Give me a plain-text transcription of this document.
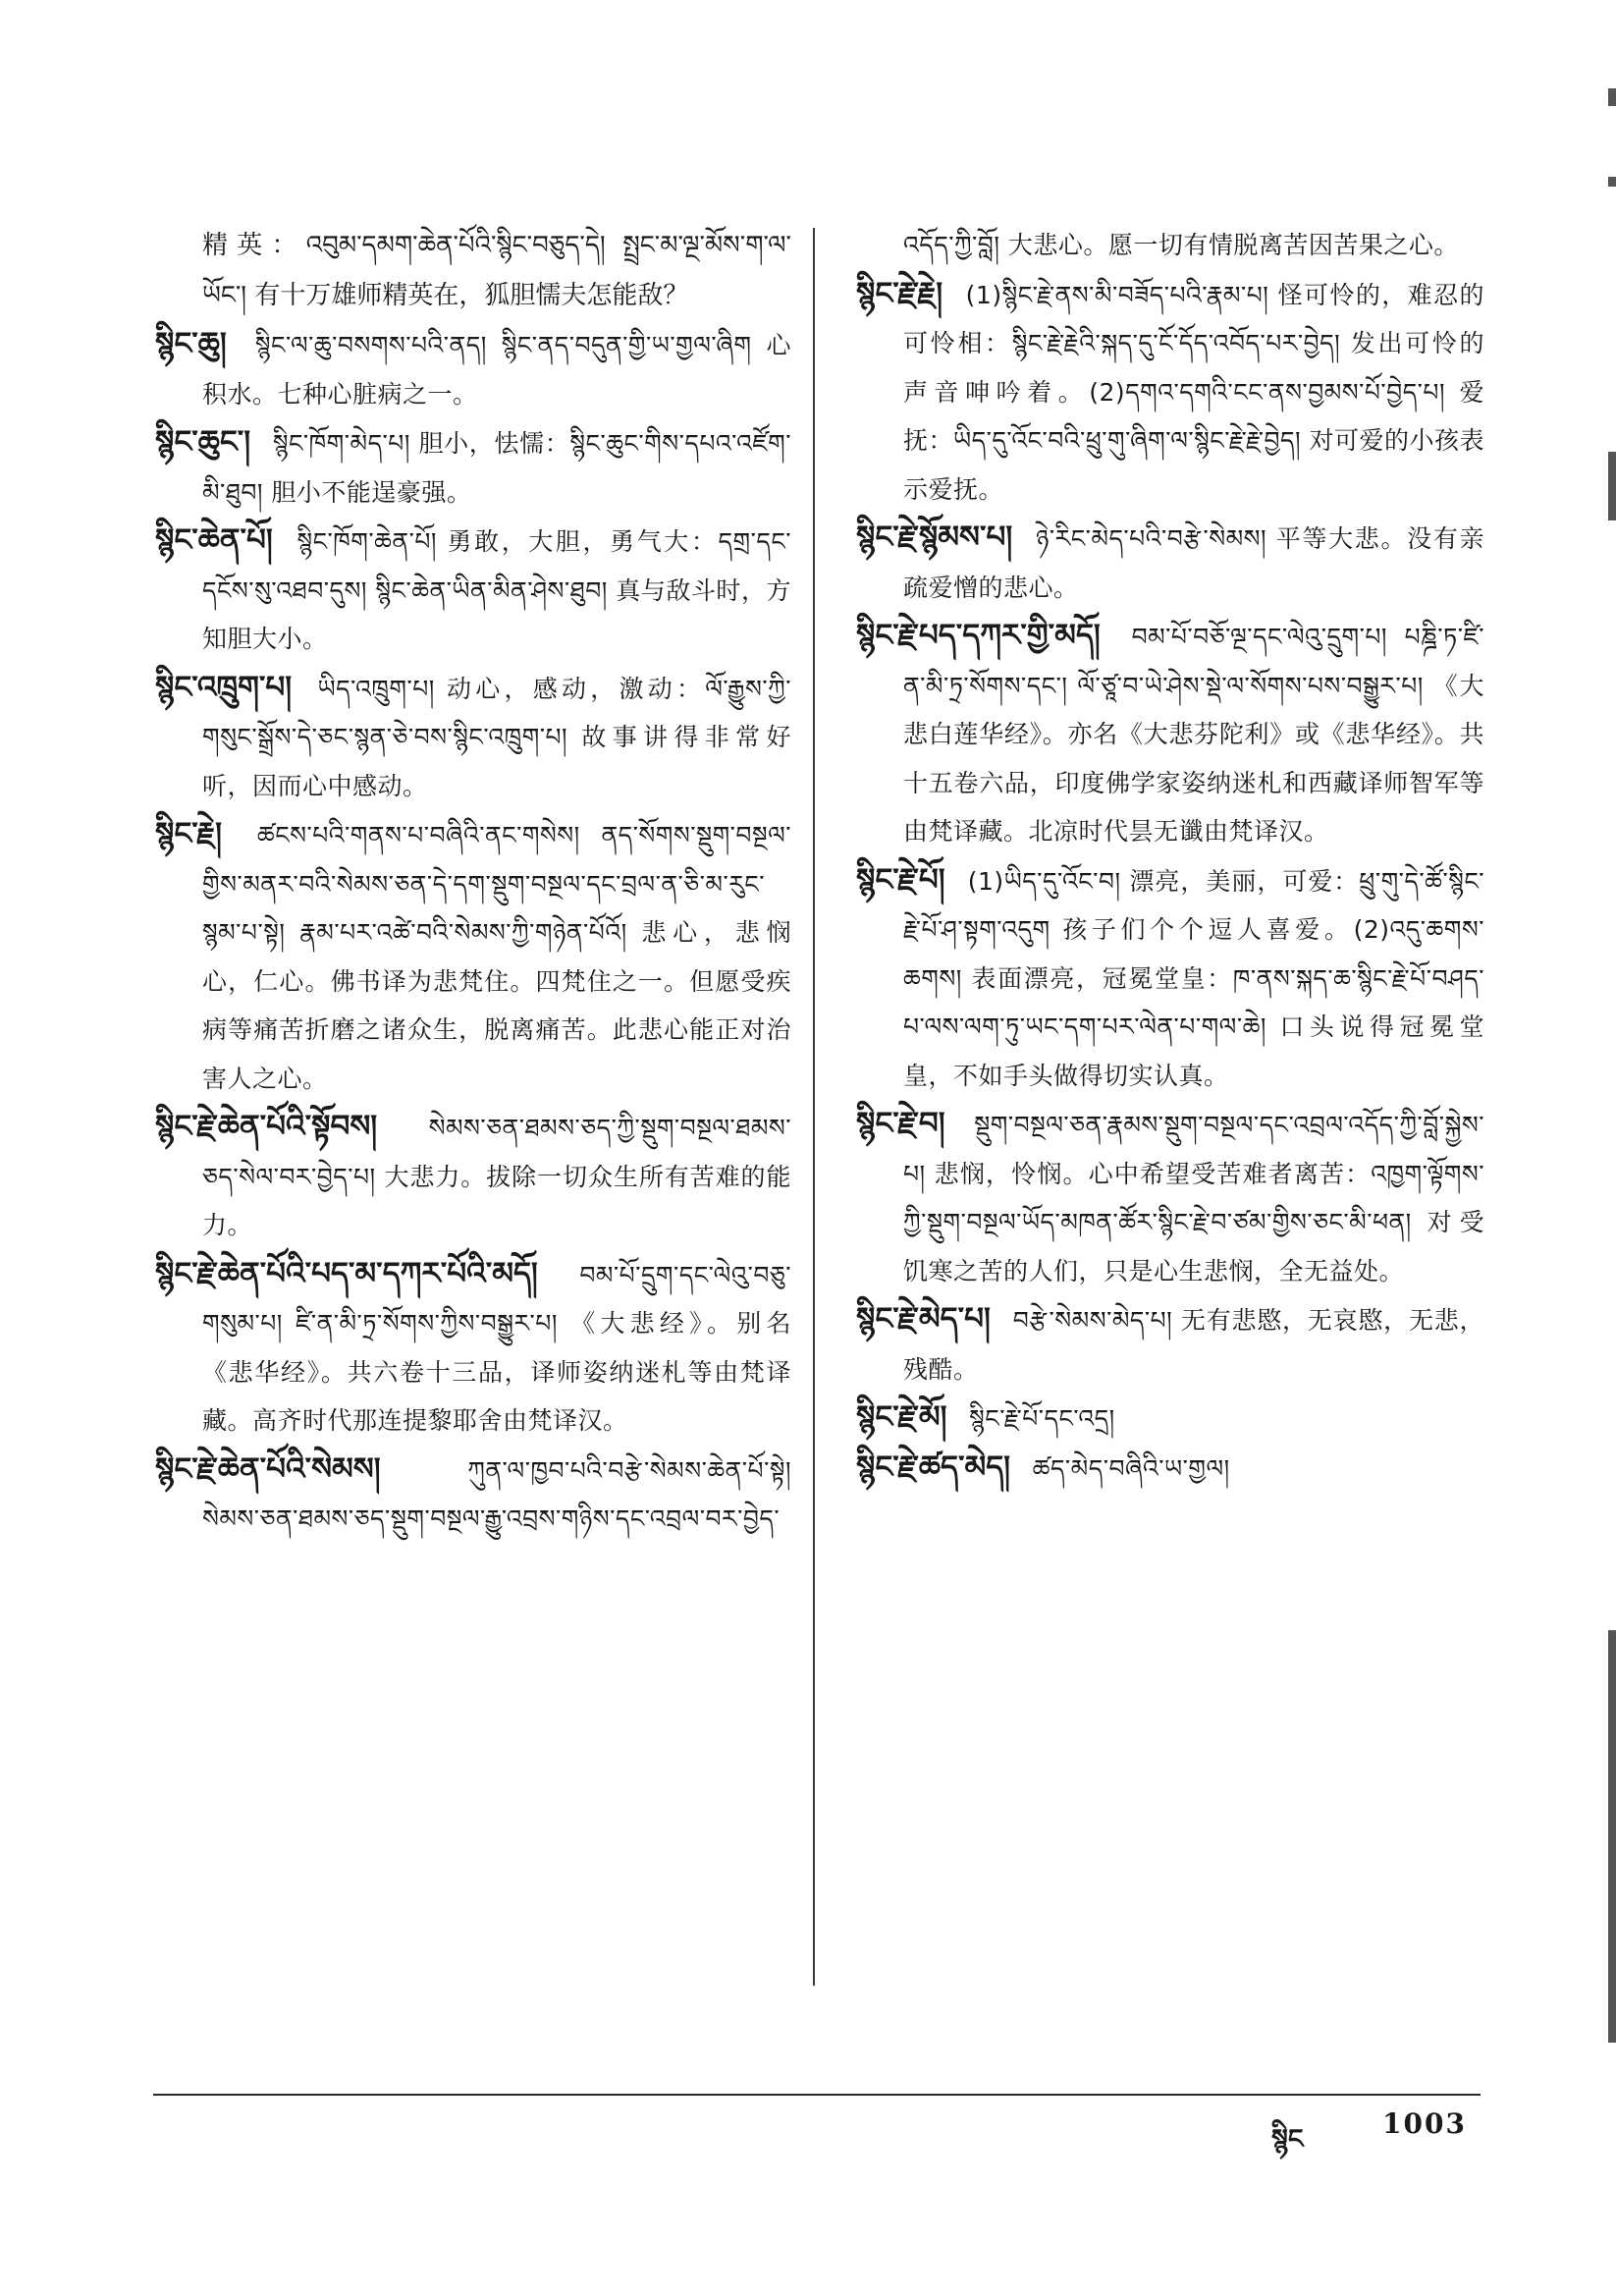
精英：འབུམ་དམག་ཆེན་པོའི་སྙིང་བཅུད་དེ། སྤྲང་མ་ལྔ་མོས་ག་ལ་ཡོང་། 有十万雄师精英在，狐胆懦夫怎能敌？

སྙིང་ཆུ། སྙིང་ལ་ཆུ་བསགས་པའི་ནད། སྙིང་ནད་བདུན་གྱི་ཡ་གྱལ་ཞིག 心积水。七种心脏病之一。

སྙིང་ཆུང་། སྙིང་ཁོག་མེད་པ། 胆小，怯懦：སྙིང་ཆུང་གིས་དཔའ་འཛོག་མི་ཐུབ། 胆小不能逞豪强。

སྙིང་ཆེན་པོ། སྙིང་ཁོག་ཆེན་པོ། 勇敢，大胆，勇气大：དགྲ་དང་དངོས་སུ་འཐབ་དུས། སྙིང་ཆེན་ཡིན་མིན་ཤེས་ཐུབ། 真与敌斗时，方知胆大小。

སྙིང་འཁྲུག་པ། ཡིད་འཁྲུག་པ། 动心，感动，激动：ལོ་རྒྱུས་ཀྱི་གསུང་སྒྲོས་དེ་ཅང་སྙན་ཅེ་བས་སྙིང་འཁྲུག་པ། 故事讲得非常好听，因而心中感动。

སྙིང་རྗེ། ཚངས་པའི་གནས་པ་བཞིའི་ནང་གསེས། ནད་སོགས་སྡུག་བསྔལ་གྱིས་མནར་བའི་སེམས་ཅན་དེ་དག་སྡུག་བསྔལ་དང་བྲལ་ན་ཅི་མ་རུང་སྙམ་པ་སྟེ། རྣམ་པར་འཚེ་བའི་སེམས་ཀྱི་གཉེན་པོའོ། 悲心，悲悯心，仁心。佛书译为悲梵住。四梵住之一。但愿受疾病等痛苦折磨之诸众生，脱离痛苦。此悲心能正对治害人之心。

སྙིང་རྗེ་ཆེན་པོའི་སྟོབས། སེམས་ཅན་ཐམས་ཅད་ཀྱི་སྡུག་བསྔལ་ཐམས་ཅད་སེལ་བར་བྱེད་པ། 大悲力。拔除一切众生所有苦难的能力。

སྙིང་རྗེ་ཆེན་པོའི་པད་མ་དཀར་པོའི་མདོ། བམ་པོ་དྲུག་དང་ལེའུ་བཅུ་གསུམ་པ། ཛི་ན་མི་ཏྲ་སོགས་ཀྱིས་བསྒྱུར་པ། 《大悲经》。别名《悲华经》。共六卷十三品，译师姿纳迷札等由梵译藏。高齐时代那连提黎耶舍由梵译汉。

སྙིང་རྗེ་ཆེན་པོའི་སེམས།	ཀུན་ལ་ཁྱབ་པའི་བརྩེ་སེམས་ཆེན་པོ་སྟེ། སེམས་ཅན་ཐམས་ཅད་སྡུག་བསྔལ་རྒྱུ་འབྲས་གཉིས་དང་འབྲལ་བར་བྱེད་

འདོད་ཀྱི་བློ། 大悲心。愿一切有情脱离苦因苦果之心。

སྙིང་རྗེ་རྗེ། (1)སྙིང་རྗེ་ནས་མི་བཟོད་པའི་རྣམ་པ། 怪可怜的，难忍的可怜相：སྙིང་རྗེ་རྗེའི་སྐད་དུ་ངོ་དོད་འབོད་པར་བྱེད། 发出可怜的声音呻吟着。(2)དགའ་དགའི་ངང་ནས་བྱམས་པོ་བྱེད་པ། 爱抚：ཡིད་དུ་འོང་བའི་ཕྲུ་གུ་ཞིག་ལ་སྙིང་རྗེ་རྗེ་བྱེད། 对可爱的小孩表示爱抚。

སྙིང་རྗེ་སྙོམས་པ། ཉེ་རིང་མེད་པའི་བརྩེ་སེམས། 平等大悲。没有亲疏爱憎的悲心。

སྙིང་རྗེ་པད་དཀར་གྱི་མདོ། བམ་པོ་བཅོ་ལྔ་དང་ལེའུ་དྲུག་པ། པཎྜི་ཏ་ཛི་ན་མི་ཏྲ་སོགས་དང་། ལོ་ཙཱ་བ་ཡེ་ཤེས་སྡེ་ལ་སོགས་པས་བསྒྱུར་པ། 《大悲白莲华经》。亦名《大悲芬陀利》或《悲华经》。共十五卷六品，印度佛学家姿纳迷札和西藏译师智军等由梵译藏。北凉时代昙无谶由梵译汉。

སྙིང་རྗེ་པོ། (1)ཡིད་དུ་འོང་བ། 漂亮，美丽，可爱：ཕྲུ་གུ་དེ་ཚོ་སྙིང་རྗེ་པོ་ཤ་སྟག་འདུག 孩子们个个逗人喜爱。(2)འདུ་ཆགས་ཆགས། 表面漂亮，冠冕堂皇：ཁ་ནས་སྐད་ཆ་སྙིང་རྗེ་པོ་བཤད་པ་ལས་ལག་ཏུ་ཡང་དག་པར་ལེན་པ་གལ་ཆེ། 口头说得冠冕堂皇，不如手头做得切实认真。

སྙིང་རྗེ་བ། སྡུག་བསྔལ་ཅན་རྣམས་སྡུག་བསྔལ་དང་འབྲལ་འདོད་ཀྱི་བློ་སྐྱེས་པ། 悲悯，怜悯。心中希望受苦难者离苦：འཁྱག་ལྟོགས་ཀྱི་སྡུག་བསྔལ་ཡོད་མཁན་ཚོར་སྙིང་རྗེ་བ་ཙམ་གྱིས་ཅང་མི་ཕན། 对受饥寒之苦的人们，只是心生悲悯，全无益处。

སྙིང་རྗེ་མེད་པ། བརྩེ་སེམས་མེད་པ། 无有悲愍，无哀愍，无悲，残酷。

སྙིང་རྗེ་མོ། སྙིང་རྗེ་པོ་དང་འདྲ།

སྙིང་རྗེ་ཚད་མེད། ཚད་མེད་བཞིའི་ཡ་གྱལ།

སྙིང	1003
